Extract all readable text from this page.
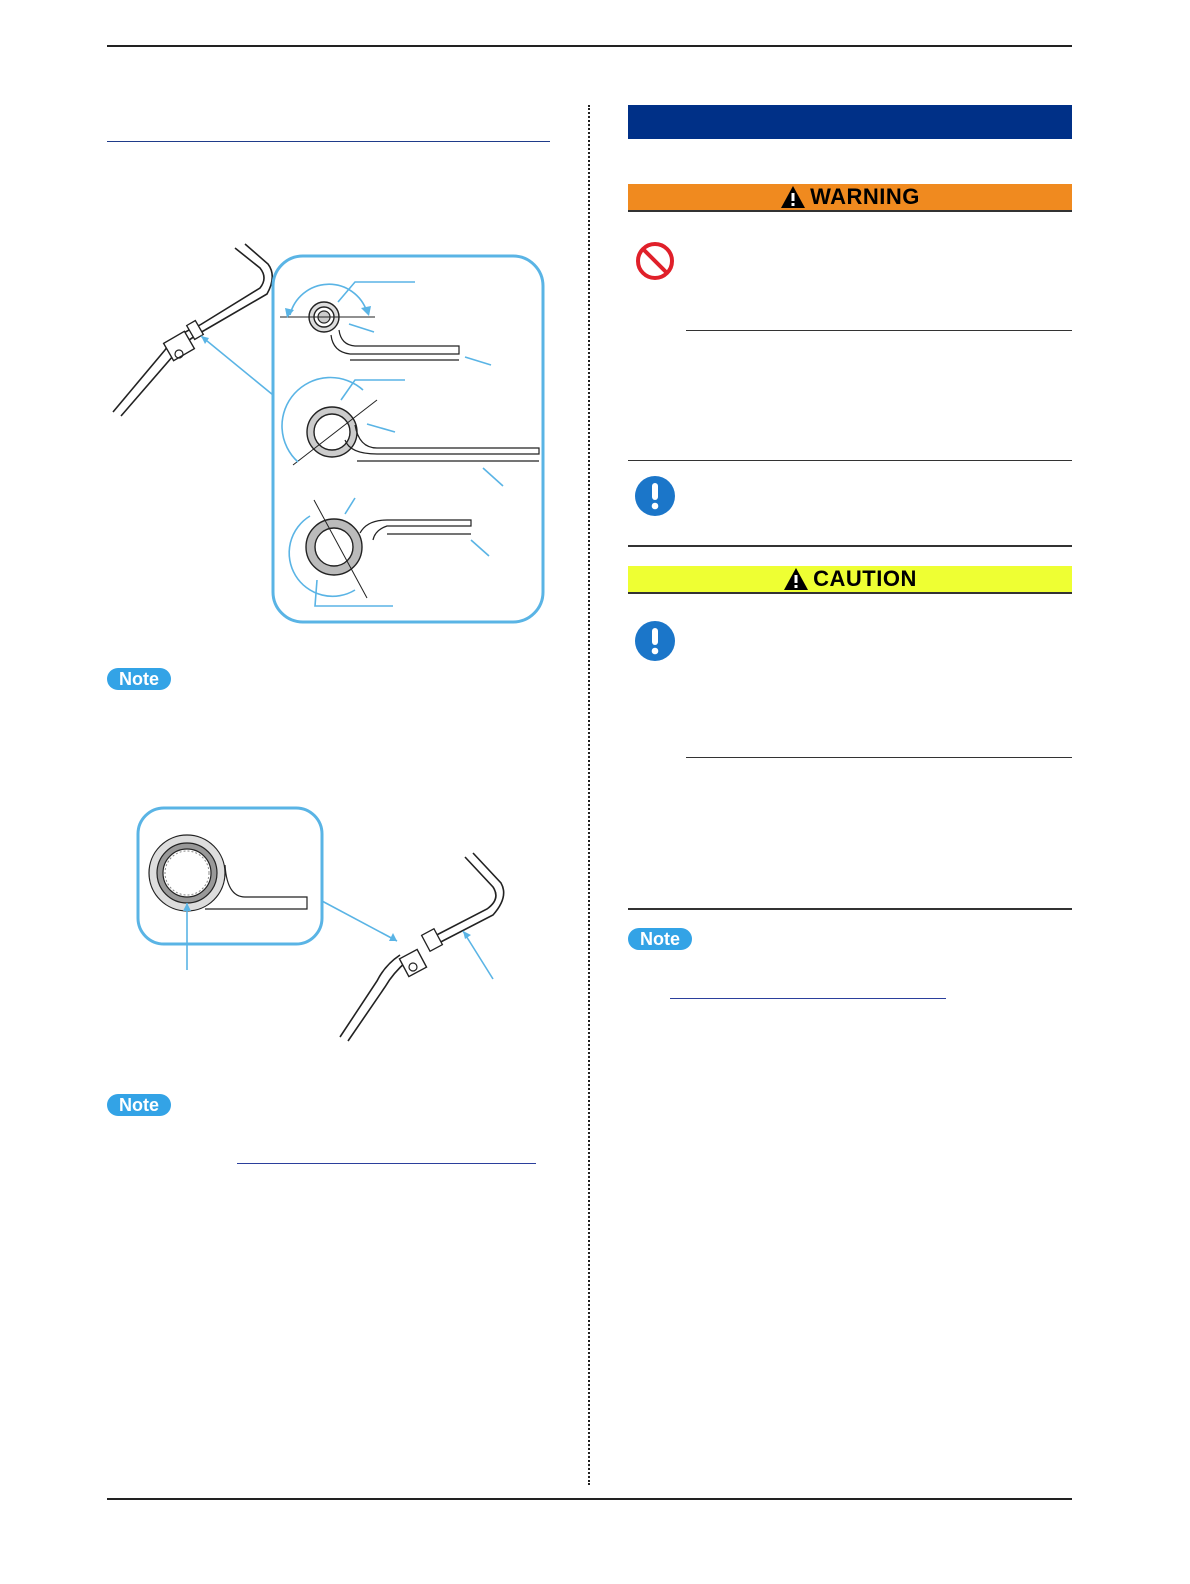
Note
Note
WARNING
CAUTION
Note
